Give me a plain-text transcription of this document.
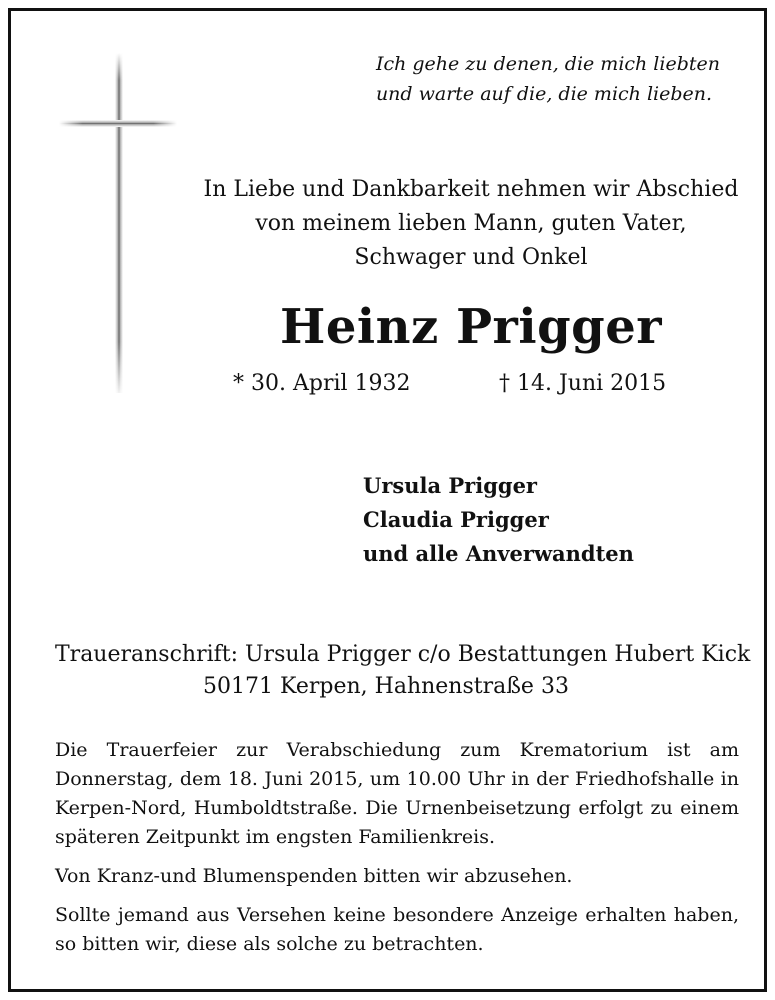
Ich gehe zu denen, die mich liebten
und warte auf die, die mich lieben.
In Liebe und Dankbarkeit nehmen wir Abschied
von meinem lieben Mann, guten Vater,
Schwager und Onkel
Heinz Prigger
* 30. April 1932	† 14. Juni 2015
Ursula Prigger
Claudia Prigger
und alle Anverwandten
Traueranschrift: Ursula Prigger c/o Bestattungen Hubert Kick
50171 Kerpen, Hahnenstraße 33

Die Trauerfeier zur Verabschiedung zum Krematorium ist am Donnerstag, dem 18. Juni 2015, um 10.00 Uhr in der Friedhofshalle in Kerpen-Nord, Humboldtstraße. Die Urnenbeisetzung erfolgt zu einem späteren Zeitpunkt im engsten Familienkreis.

Von Kranz-und Blumenspenden bitten wir abzusehen.

Sollte jemand aus Versehen keine besondere Anzeige erhalten haben, so bitten wir, diese als solche zu betrachten.
